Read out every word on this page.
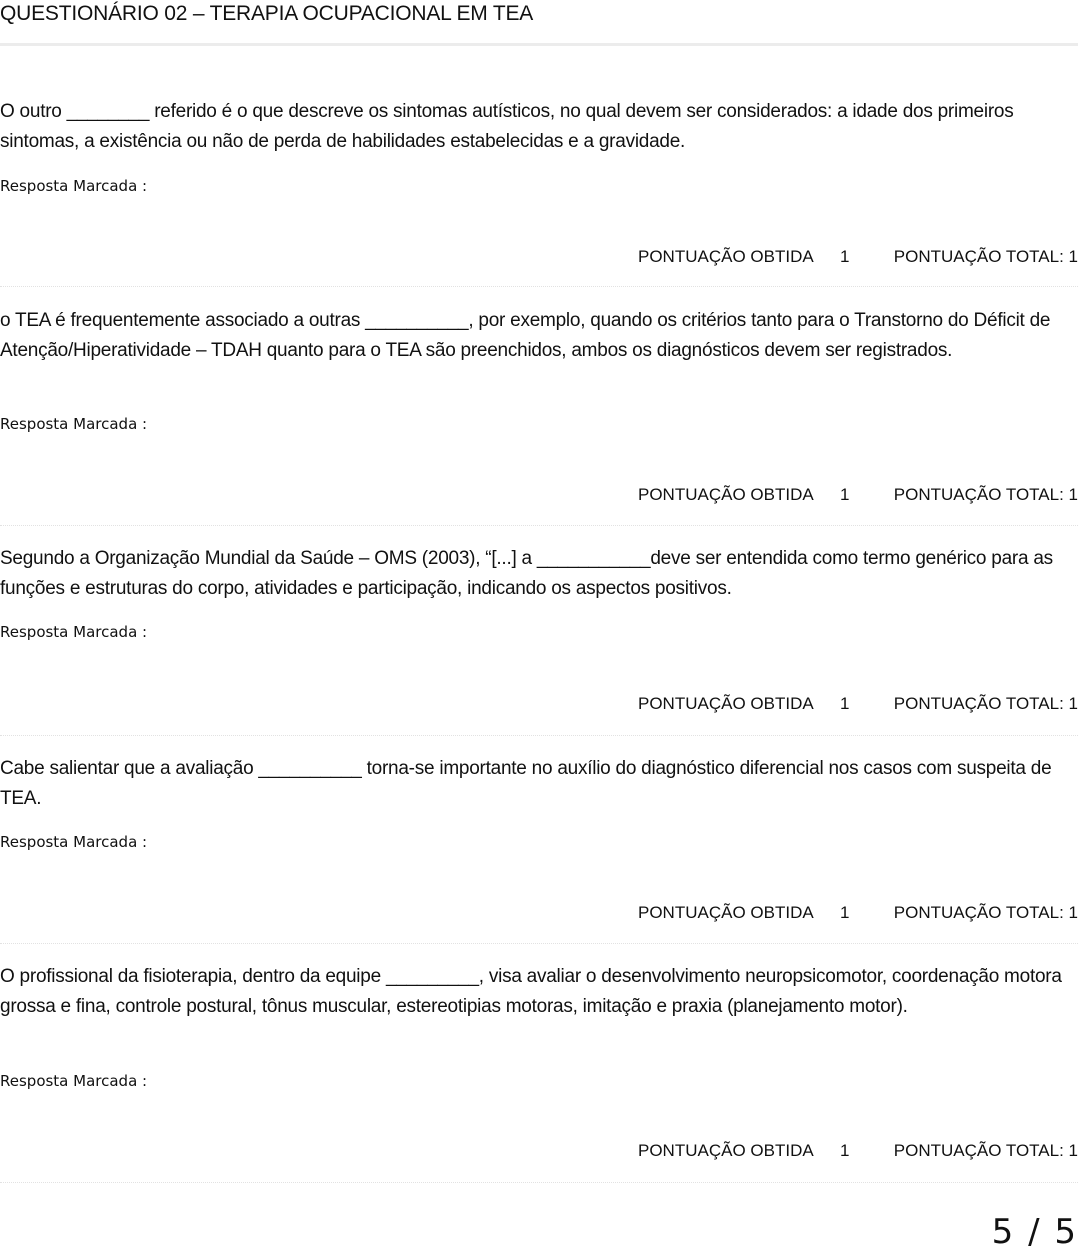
QUESTIONÁRIO 02 – TERAPIA OCUPACIONAL EM TEA

O outro ________ referido é o que descreve os sintomas autísticos, no qual devem ser considerados: a idade dos primeiros sintomas, a existência ou não de perda de habilidades estabelecidas e a gravidade.

Resposta Marcada :
PONTUAÇÃO OBTIDA 1	PONTUAÇÃO TOTAL: 1

o TEA é frequentemente associado a outras __________, por exemplo, quando os critérios tanto para o Transtorno do Déficit de Atenção/Hiperatividade – TDAH quanto para o TEA são preenchidos, ambos os diagnósticos devem ser registrados.

Resposta Marcada :
PONTUAÇÃO OBTIDA 1	PONTUAÇÃO TOTAL: 1

Segundo a Organização Mundial da Saúde – OMS (2003), “[...] a ___________deve ser entendida como termo genérico para as funções e estruturas do corpo, atividades e participação, indicando os aspectos positivos.

Resposta Marcada :
PONTUAÇÃO OBTIDA 1	PONTUAÇÃO TOTAL: 1

Cabe salientar que a avaliação __________ torna-se importante no auxílio do diagnóstico diferencial nos casos com suspeita de TEA.

Resposta Marcada :
PONTUAÇÃO OBTIDA 1	PONTUAÇÃO TOTAL: 1

O profissional da fisioterapia, dentro da equipe _________, visa avaliar o desenvolvimento neuropsicomotor, coordenação motora grossa e fina, controle postural, tônus muscular, estereotipias motoras, imitação e praxia (planejamento motor).

Resposta Marcada :
PONTUAÇÃO OBTIDA 1	PONTUAÇÃO TOTAL: 1
5 / 5
